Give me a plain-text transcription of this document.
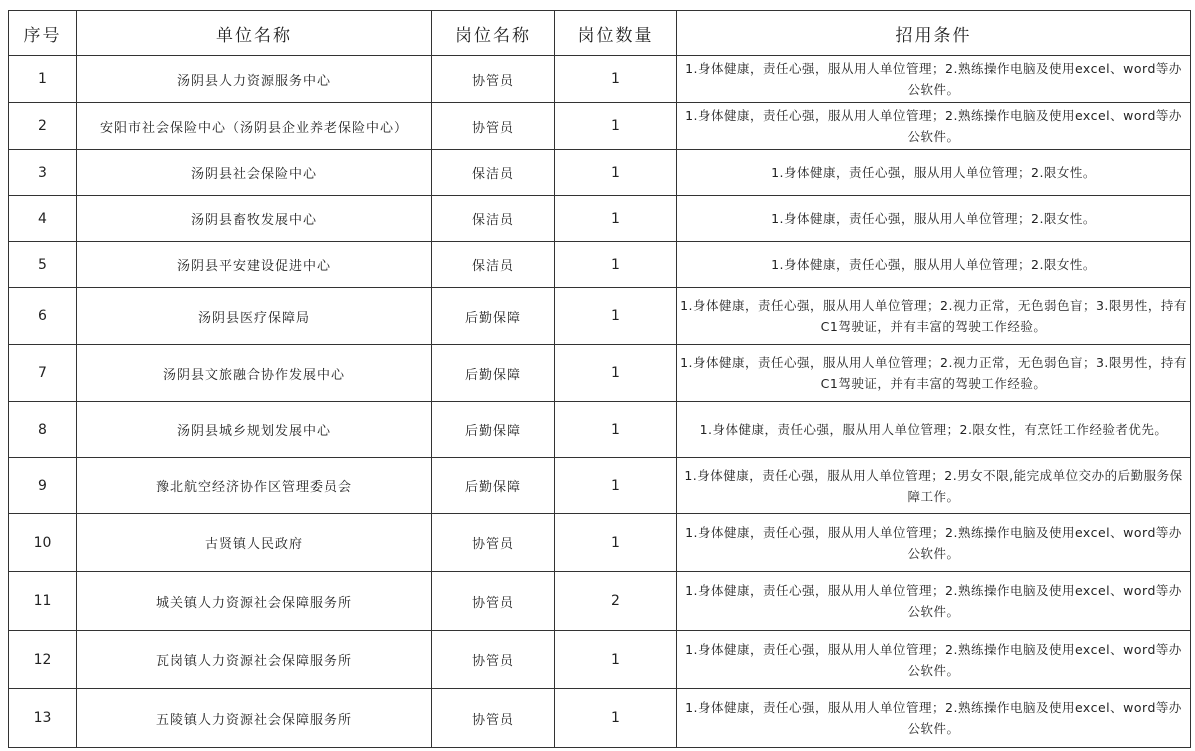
序号	单位名称	岗位名称	岗位数量	招用条件
1	汤阴县人力资源服务中心	协管员	1	1.身体健康，责任心强，服从用人单位管理；2.熟练操作电脑及使用excel、word等办公软件。
2	安阳市社会保险中心（汤阴县企业养老保险中心）	协管员	1	1.身体健康，责任心强，服从用人单位管理；2.熟练操作电脑及使用excel、word等办公软件。
3	汤阴县社会保险中心	保洁员	1	1.身体健康，责任心强，服从用人单位管理；2.限女性。
4	汤阴县畜牧发展中心	保洁员	1	1.身体健康，责任心强，服从用人单位管理；2.限女性。
5	汤阴县平安建设促进中心	保洁员	1	1.身体健康，责任心强，服从用人单位管理；2.限女性。
6	汤阴县医疗保障局	后勤保障	1	1.身体健康，责任心强，服从用人单位管理；2.视力正常，无色弱色盲；3.限男性，持有C1驾驶证，并有丰富的驾驶工作经验。
7	汤阴县文旅融合协作发展中心	后勤保障	1	1.身体健康，责任心强，服从用人单位管理；2.视力正常，无色弱色盲；3.限男性，持有C1驾驶证，并有丰富的驾驶工作经验。
8	汤阴县城乡规划发展中心	后勤保障	1	1.身体健康，责任心强，服从用人单位管理；2.限女性，有烹饪工作经验者优先。
9	豫北航空经济协作区管理委员会	后勤保障	1	1.身体健康，责任心强，服从用人单位管理；2.男女不限,能完成单位交办的后勤服务保障工作。
10	古贤镇人民政府	协管员	1	1.身体健康，责任心强，服从用人单位管理；2.熟练操作电脑及使用excel、word等办公软件。
11	城关镇人力资源社会保障服务所	协管员	2	1.身体健康，责任心强，服从用人单位管理；2.熟练操作电脑及使用excel、word等办公软件。
12	瓦岗镇人力资源社会保障服务所	协管员	1	1.身体健康，责任心强，服从用人单位管理；2.熟练操作电脑及使用excel、word等办公软件。
13	五陵镇人力资源社会保障服务所	协管员	1	1.身体健康，责任心强，服从用人单位管理；2.熟练操作电脑及使用excel、word等办公软件。
